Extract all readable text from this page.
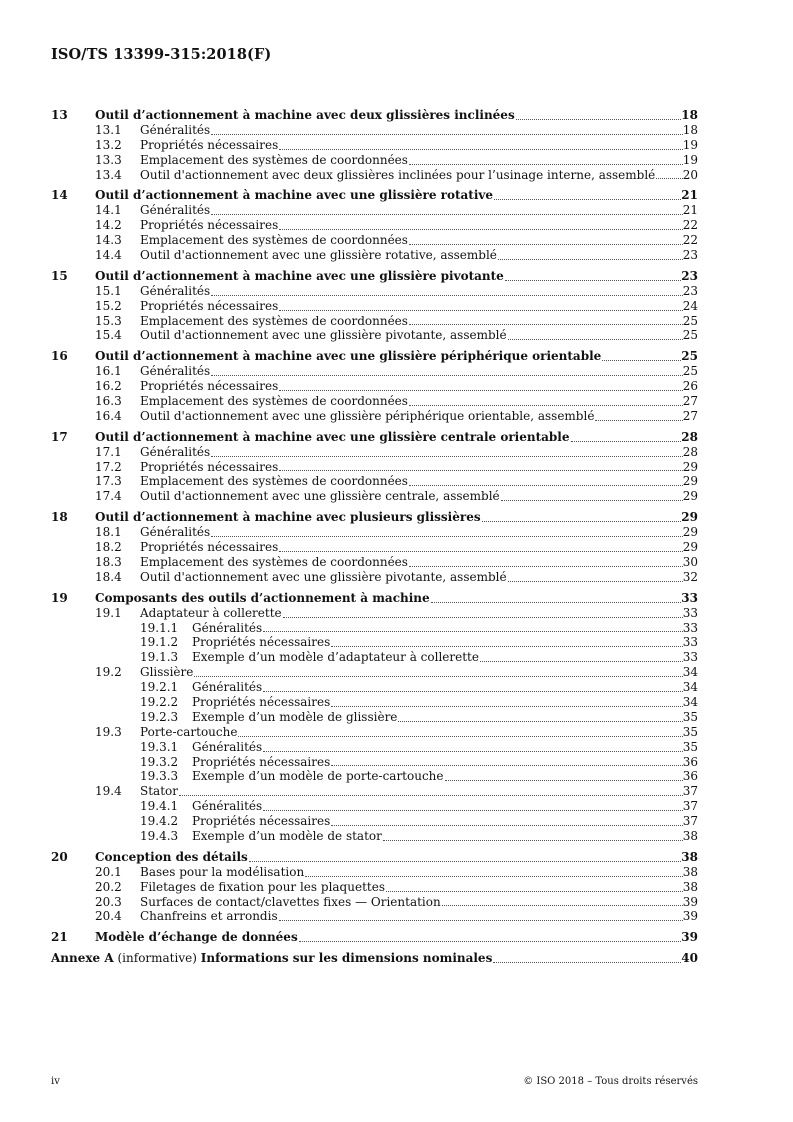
ISO/TS 13399-315:2018(F)
13	Outil d’actionnement à machine avec deux glissières inclinées	18
13.1	Généralités	18
13.2	Propriétés nécessaires	19
13.3	Emplacement des systèmes de coordonnées	19
13.4	Outil d'actionnement avec deux glissières inclinées pour l’usinage interne, assemblé 20
14	Outil d’actionnement à machine avec une glissière rotative	21
14.1	Généralités	21
14.2	Propriétés nécessaires	22
14.3	Emplacement des systèmes de coordonnées	22
14.4	Outil d'actionnement avec une glissière rotative, assemblé	23
15	Outil d’actionnement à machine avec une glissière pivotante	23
15.1	Généralités	23
15.2	Propriétés nécessaires	24
15.3	Emplacement des systèmes de coordonnées	25
15.4	Outil d'actionnement avec une glissière pivotante, assemblé	25
16	Outil d’actionnement à machine avec une glissière périphérique orientable	25
16.1	Généralités	25
16.2	Propriétés nécessaires	26
16.3	Emplacement des systèmes de coordonnées	27
16.4	Outil d'actionnement avec une glissière périphérique orientable, assemblé	27
17	Outil d’actionnement à machine avec une glissière centrale orientable	28
17.1	Généralités	28
17.2	Propriétés nécessaires	29
17.3	Emplacement des systèmes de coordonnées	29
17.4	Outil d'actionnement avec une glissière centrale, assemblé	29
18	Outil d’actionnement à machine avec plusieurs glissières	29
18.1	Généralités	29
18.2	Propriétés nécessaires	29
18.3	Emplacement des systèmes de coordonnées	30
18.4	Outil d'actionnement avec une glissière pivotante, assemblé	32
19	Composants des outils d’actionnement à machine	33
19.1	Adaptateur à collerette	33
19.1.1	Généralités	33
19.1.2	Propriétés nécessaires	33
19.1.3	Exemple d’un modèle d’adaptateur à collerette	33
19.2	Glissière	34
19.2.1	Généralités	34
19.2.2	Propriétés nécessaires	34
19.2.3	Exemple d’un modèle de glissière	35
19.3	Porte-cartouche	35
19.3.1	Généralités	35
19.3.2	Propriétés nécessaires	36
19.3.3	Exemple d’un modèle de porte-cartouche	36
19.4	Stator	37
19.4.1	Généralités	37
19.4.2	Propriétés nécessaires	37
19.4.3	Exemple d’un modèle de stator	38
20	Conception des détails	38
20.1	Bases pour la modélisation	38
20.2	Filetages de fixation pour les plaquettes	38
20.3	Surfaces de contact/clavettes fixes — Orientation	39
20.4	Chanfreins et arrondis	39
21	Modèle d’échange de données	39
Annexe A (informative) Informations sur les dimensions nominales	40
iv	© ISO 2018 – Tous droits réservés
